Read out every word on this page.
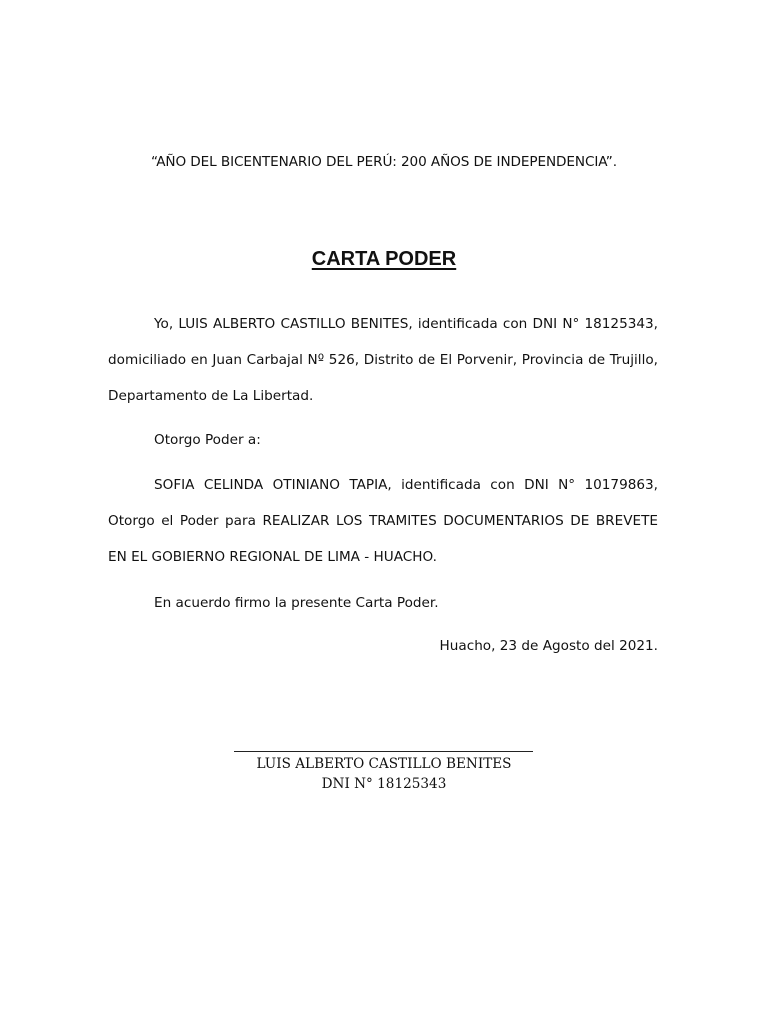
“AÑO DEL BICENTENARIO DEL PERÚ: 200 AÑOS DE INDEPENDENCIA”.
CARTA PODER
Yo, LUIS ALBERTO CASTILLO BENITES, identificada con DNI N° 18125343, domiciliado en Juan Carbajal Nº 526, Distrito de El Porvenir, Provincia de Trujillo, Departamento de La Libertad.
Otorgo Poder a:
SOFIA CELINDA OTINIANO TAPIA, identificada con DNI N° 10179863, Otorgo el Poder para REALIZAR LOS TRAMITES DOCUMENTARIOS DE BREVETE EN EL GOBIERNO REGIONAL DE LIMA - HUACHO.
En acuerdo firmo la presente Carta Poder.
Huacho, 23 de Agosto del 2021.
LUIS ALBERTO CASTILLO BENITES
DNI N° 18125343
